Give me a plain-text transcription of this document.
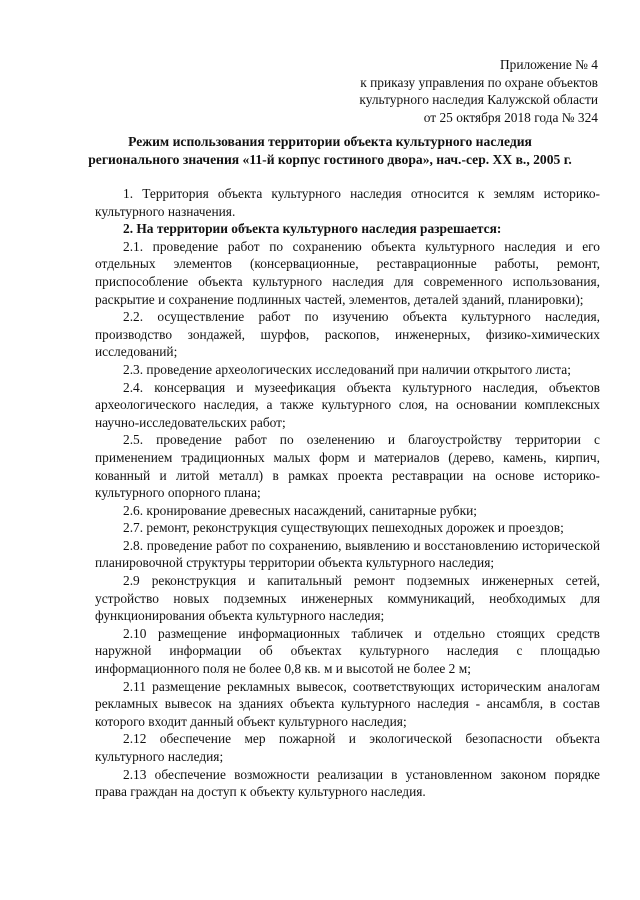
Приложение № 4
к приказу управления по охране объектов
культурного наследия Калужской области
от 25 октября 2018 года № 324
Режим использования территории объекта культурного наследия
регионального значения «11-й корпус гостиного двора», нач.-сер. XX в., 2005 г.

1. Территория объекта культурного наследия относится к землям историко-культурного назначения.

2. На территории объекта культурного наследия разрешается:

2.1. проведение работ по сохранению объекта культурного наследия и его отдельных элементов (консервационные, реставрационные работы, ремонт, приспособление объекта культурного наследия для современного использования, раскрытие и сохранение подлинных частей, элементов, деталей зданий, планировки);

2.2. осуществление работ по изучению объекта культурного наследия, производство зондажей, шурфов, раскопов, инженерных, физико-химических исследований;

2.3. проведение археологических исследований при наличии открытого листа;

2.4. консервация и музеефикация объекта культурного наследия, объектов археологического наследия, а также культурного слоя, на основании комплексных научно-исследовательских работ;

2.5. проведение работ по озеленению и благоустройству территории с применением традиционных малых форм и материалов (дерево, камень, кирпич, кованный и литой металл) в рамках проекта реставрации на основе историко-культурного опорного плана;

2.6. кронирование древесных насаждений, санитарные рубки;

2.7. ремонт, реконструкция существующих пешеходных дорожек и проездов;

2.8. проведение работ по сохранению, выявлению и восстановлению исторической планировочной структуры территории объекта культурного наследия;

2.9 реконструкция и капитальный ремонт подземных инженерных сетей, устройство новых подземных инженерных коммуникаций, необходимых для функционирования объекта культурного наследия;

2.10 размещение информационных табличек и отдельно стоящих средств наружной информации об объектах культурного наследия с площадью информационного поля не более 0,8 кв. м и высотой не более 2 м;

2.11 размещение рекламных вывесок, соответствующих историческим аналогам рекламных вывесок на зданиях объекта культурного наследия - ансамбля, в состав которого входит данный объект культурного наследия;

2.12 обеспечение мер пожарной и экологической безопасности объекта культурного наследия;

2.13 обеспечение возможности реализации в установленном законом порядке права граждан на доступ к объекту культурного наследия.
